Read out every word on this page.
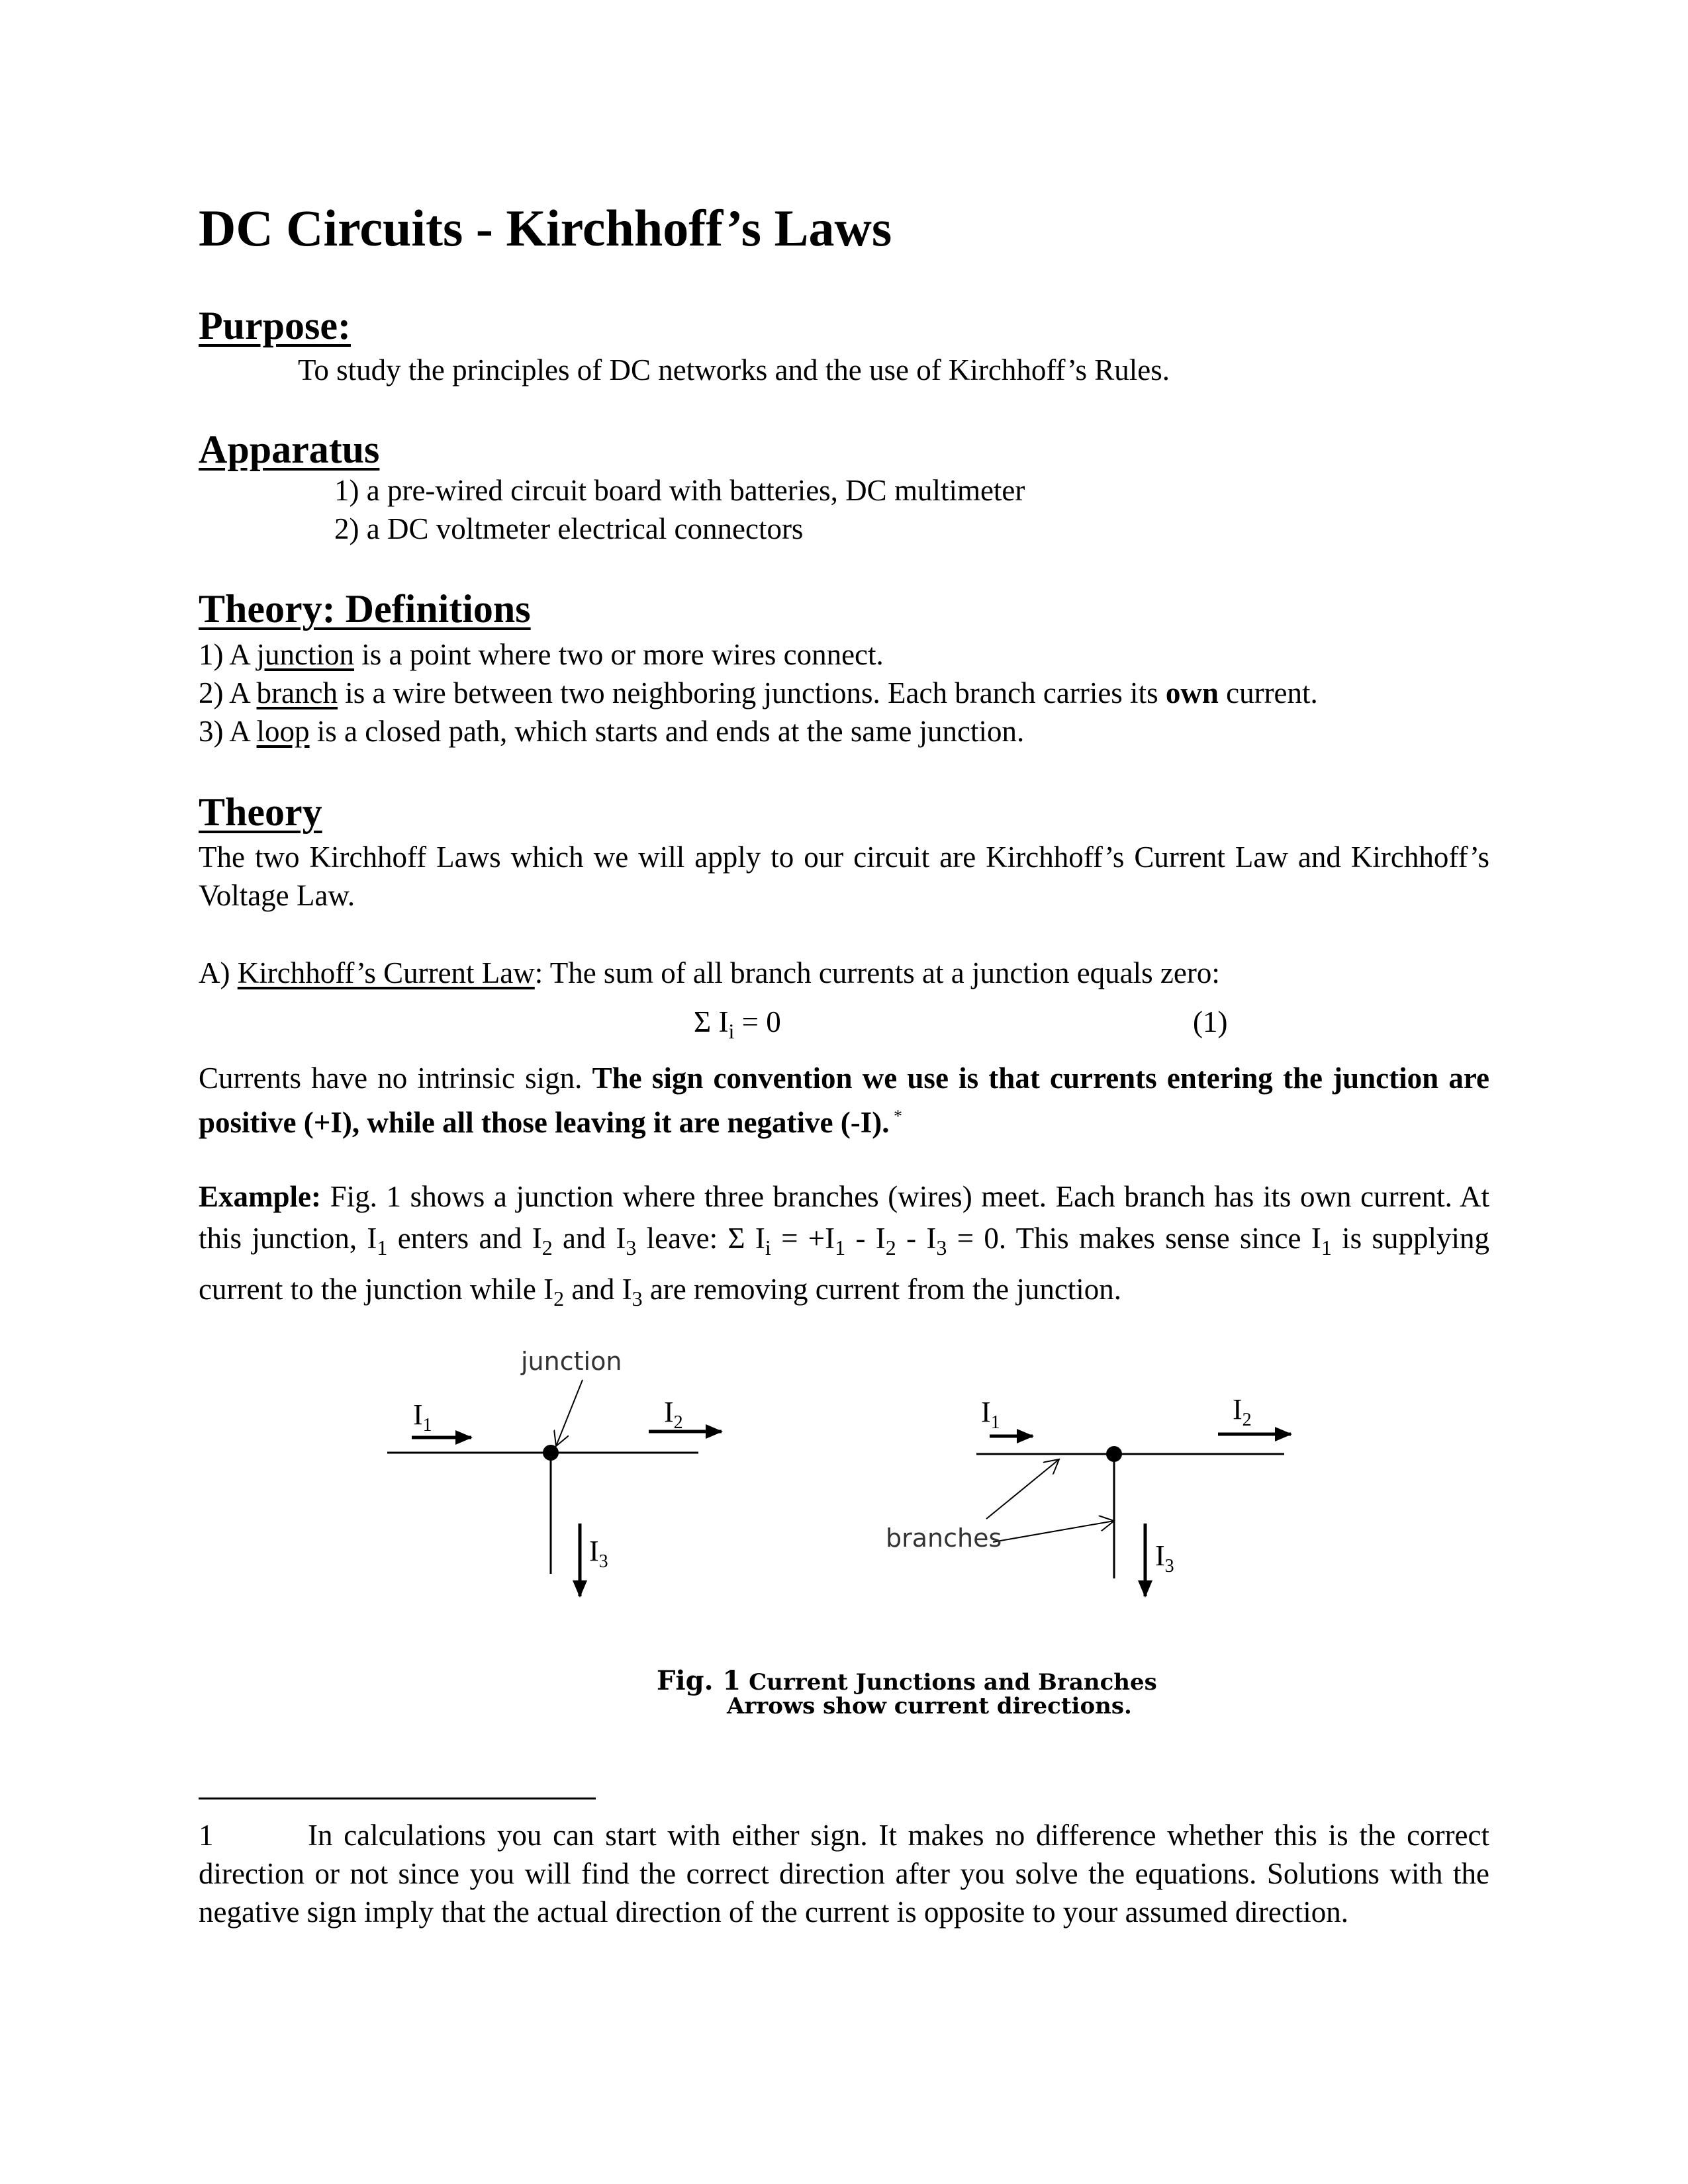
DC Circuits - Kirchhoff’s Laws
Purpose:
To study the principles of DC networks and the use of Kirchhoff’s Rules.
Apparatus
1) a pre-wired circuit board with batteries, DC multimeter
2) a DC voltmeter electrical connectors
Theory: Definitions
1) A junction is a point where two or more wires connect.
2) A branch is a wire between two neighboring junctions. Each branch carries its own current.
3) A loop is a closed path, which starts and ends at the same junction.
Theory
The two Kirchhoff Laws which we will apply to our circuit are Kirchhoff’s Current Law and Kirchhoff’s Voltage Law.
A) Kirchhoff’s Current Law: The sum of all branch currents at a junction equals zero:
Σ $I_i = 0$	(1)
Currents have no intrinsic sign. The sign convention we use is that currents entering the junction are positive (+I), while all those leaving it are negative (-I). *
Example: Fig. 1 shows a junction where three branches (wires) meet. Each branch has its own current. At this junction, $I_1$ enters and $I_2$ and $I_3$ leave: Σ $I_i = +I_1 - I_2 - I_3 = 0$. This makes sense since $I_1$ is supplying current to the junction while $I_2$ and $I_3$ are removing current from the junction.
junction
branches
$I_1$	$I_2$
$I_3$
$I_1$	$I_2$
$I_3$
Fig. 1 Current Junctions and Branches
Arrows show current directions.
1	In calculations you can start with either sign. It makes no difference whether this is the correct direction or not since you will find the correct direction after you solve the equations. Solutions with the negative sign imply that the actual direction of the current is opposite to your assumed direction.
